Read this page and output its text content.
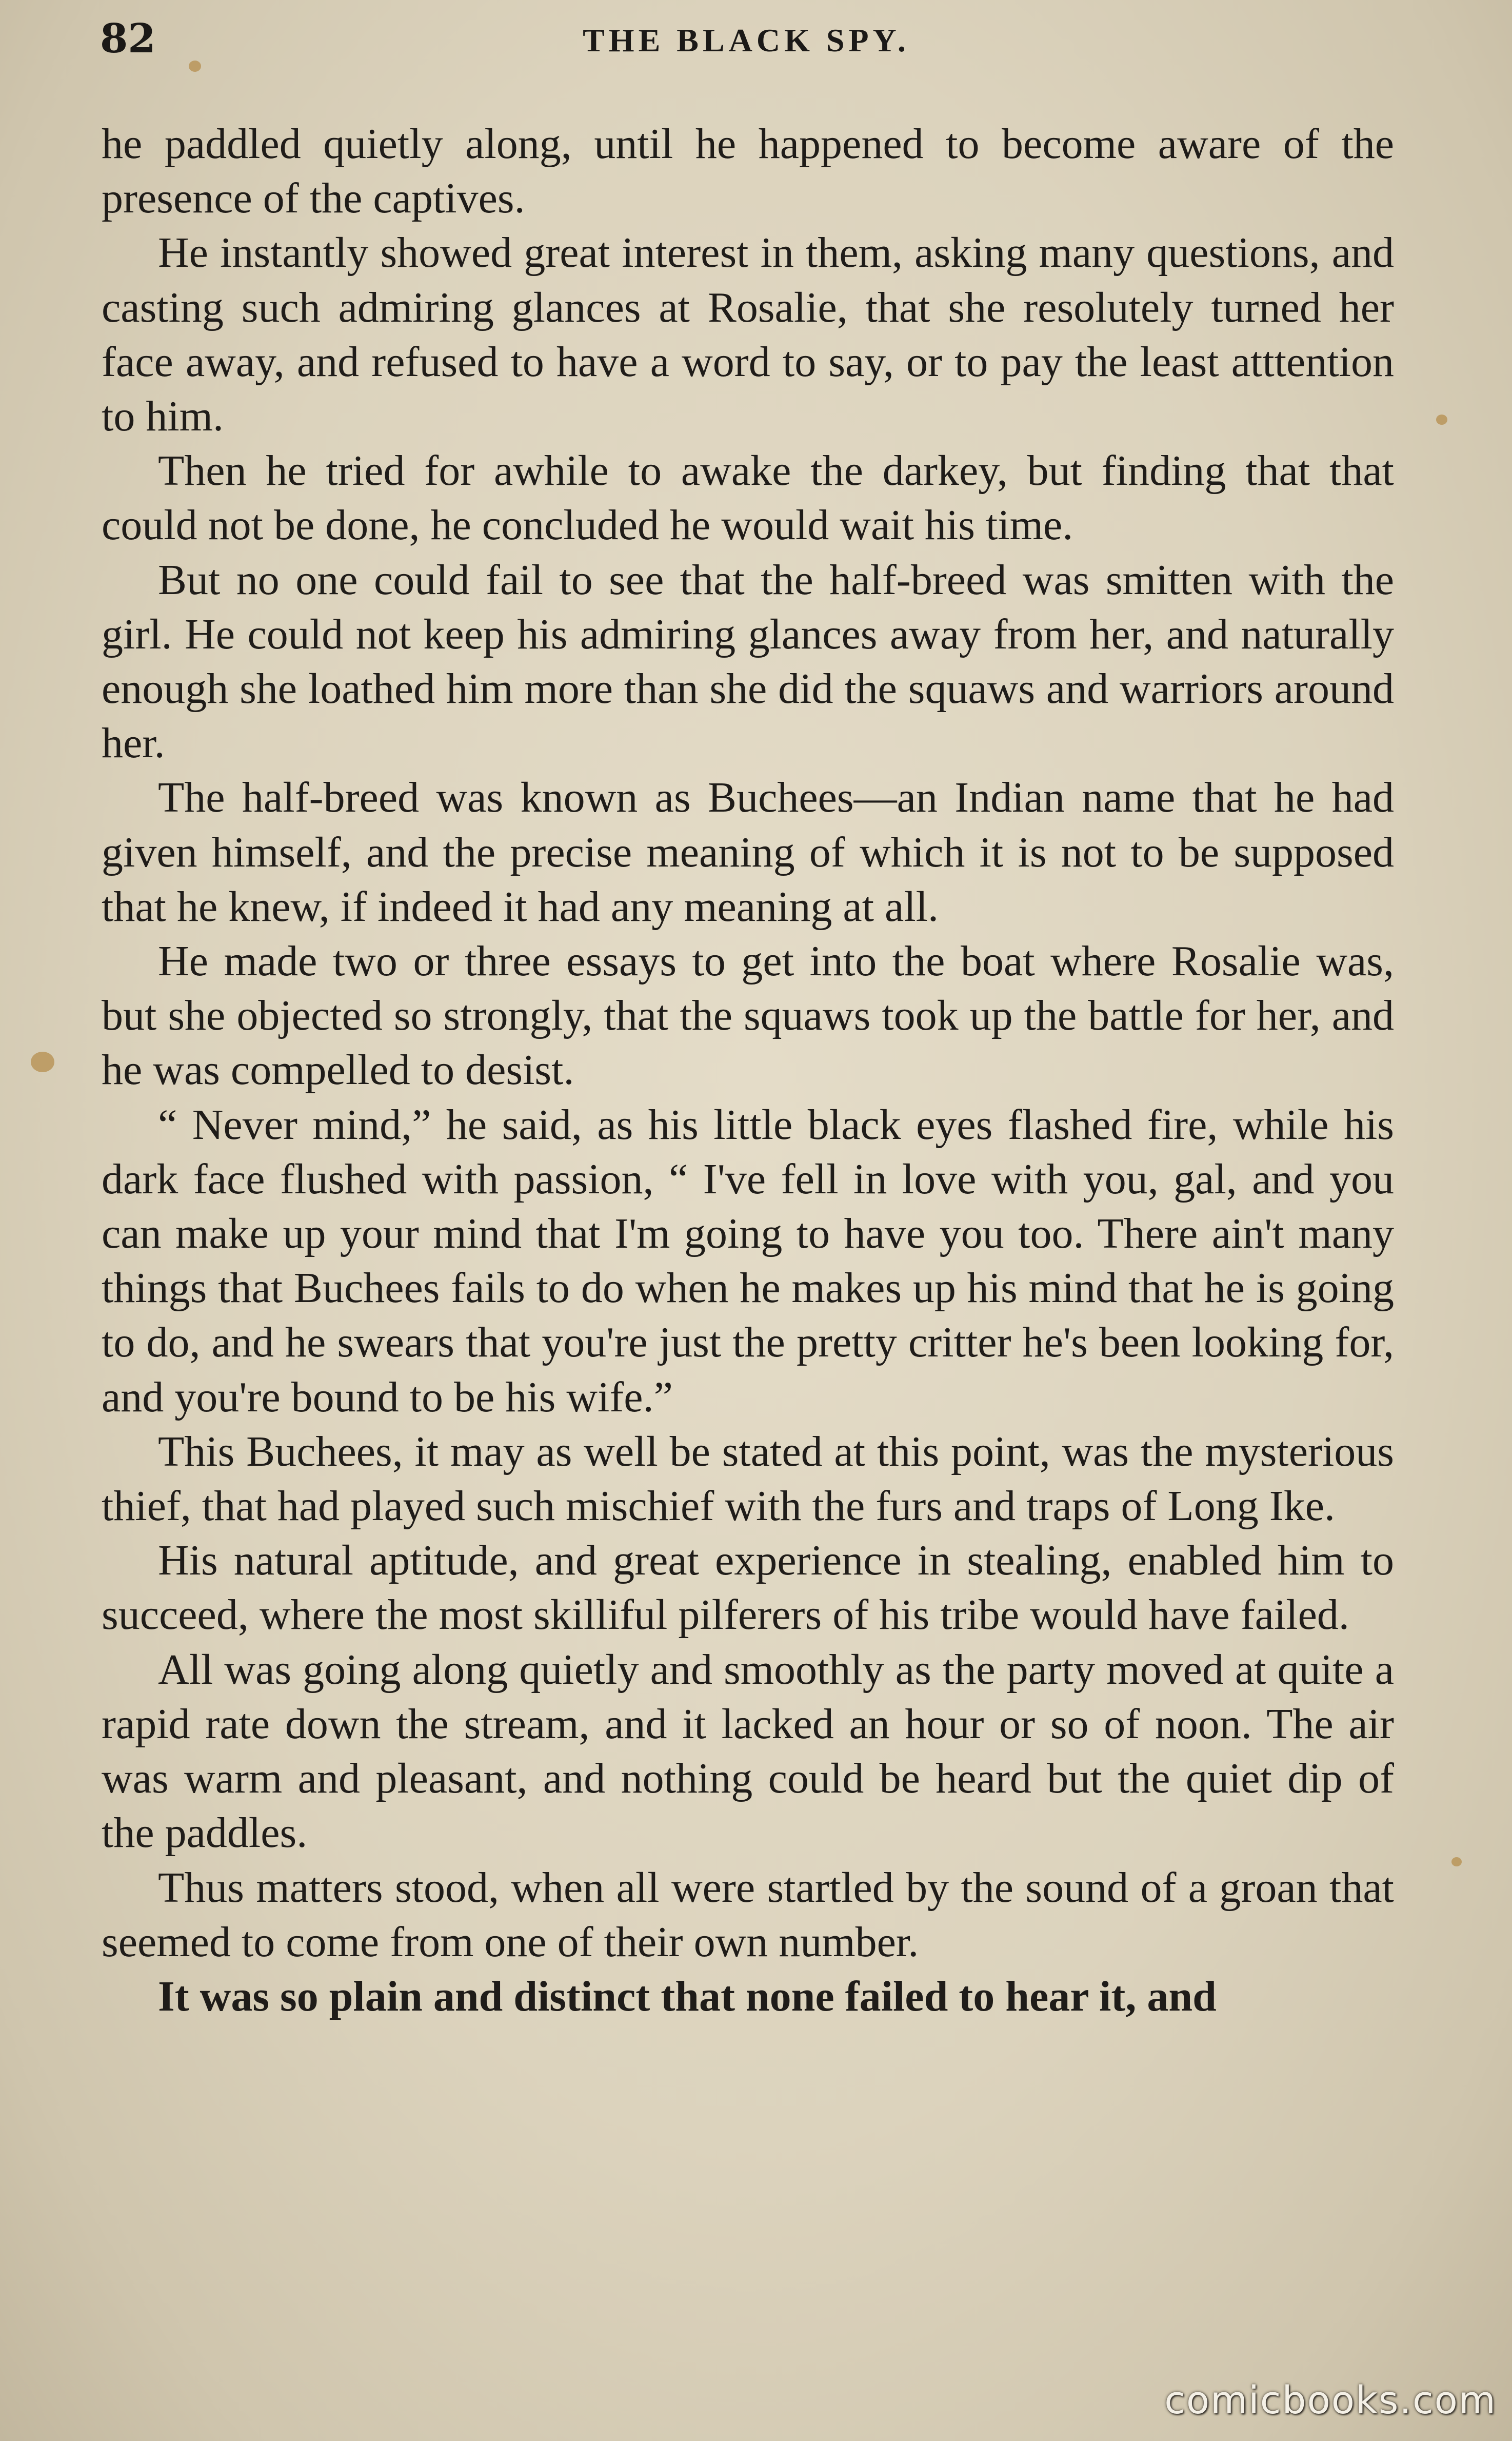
82	THE BLACK SPY.

he paddled quietly along, until he happened to become aware of the presence of the captives.

He instantly showed great interest in them, asking many questions, and casting such admiring glances at Rosalie, that she resolutely turned her face away, and refused to have a word to say, or to pay the least atttention to him.

Then he tried for awhile to awake the darkey, but finding that that could not be done, he concluded he would wait his time.

But no one could fail to see that the half-breed was smitten with the girl. He could not keep his admiring glances away from her, and naturally enough she loathed him more than she did the squaws and warriors around her.

The half-breed was known as Buchees—an Indian name that he had given himself, and the precise meaning of which it is not to be supposed that he knew, if indeed it had any meaning at all.

He made two or three essays to get into the boat where Rosalie was, but she objected so strongly, that the squaws took up the battle for her, and he was compelled to desist.

“ Never mind,” he said, as his little black eyes flashed fire, while his dark face flushed with passion, “ I've fell in love with you, gal, and you can make up your mind that I'm going to have you too. There ain't many things that Buchees fails to do when he makes up his mind that he is going to do, and he swears that you're just the pretty critter he's been looking for, and you're bound to be his wife.”

This Buchees, it may as well be stated at this point, was the mysterious thief, that had played such mischief with the furs and traps of Long Ike.

His natural aptitude, and great experience in stealing, enabled him to succeed, where the most skilliful pilferers of his tribe would have failed.

All was going along quietly and smoothly as the party moved at quite a rapid rate down the stream, and it lacked an hour or so of noon. The air was warm and pleasant, and nothing could be heard but the quiet dip of the paddles.

Thus matters stood, when all were startled by the sound of a groan that seemed to come from one of their own number.

It was so plain and distinct that none failed to hear it, and

comicbooks.com
